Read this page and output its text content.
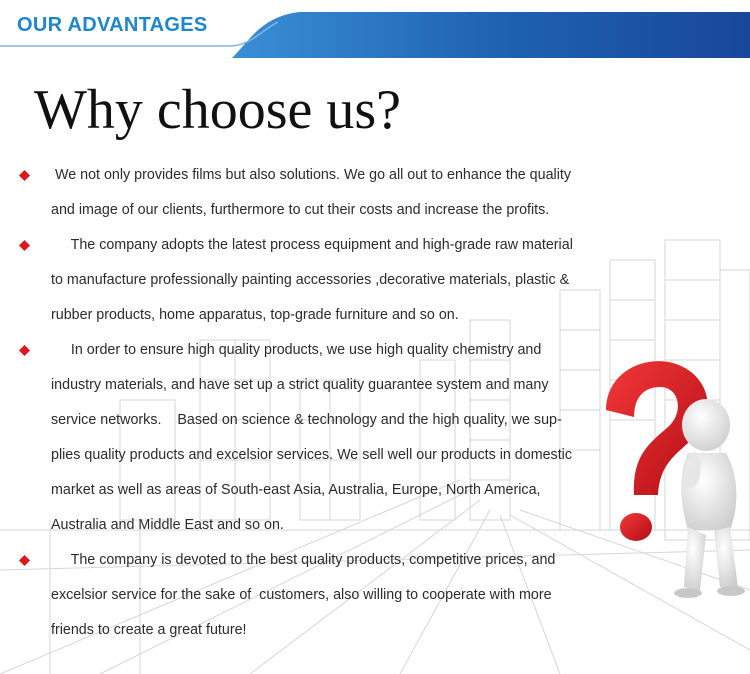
OUR ADVANTAGES
Why choose us?
We not only provides films but also solutions. We go all out to enhance the quality
and image of our clients, furthermore to cut their costs and increase the profits.
The company adopts the latest process equipment and high-grade raw material
to manufacture professionally painting accessories ,decorative materials, plastic &
rubber products, home apparatus, top-grade furniture and so on.
In order to ensure high quality products, we use high quality chemistry and
industry materials, and have set up a strict quality guarantee system and many
service networks.    Based on science & technology and the high quality, we sup-
plies quality products and excelsior services. We sell well our products in domestic
market as well as areas of South-east Asia, Australia, Europe, North America,
Australia and Middle East and so on.
The company is devoted to the best quality products, competitive prices, and
excelsior service for the sake of  customers, also willing to cooperate with more
friends to create a great future!
